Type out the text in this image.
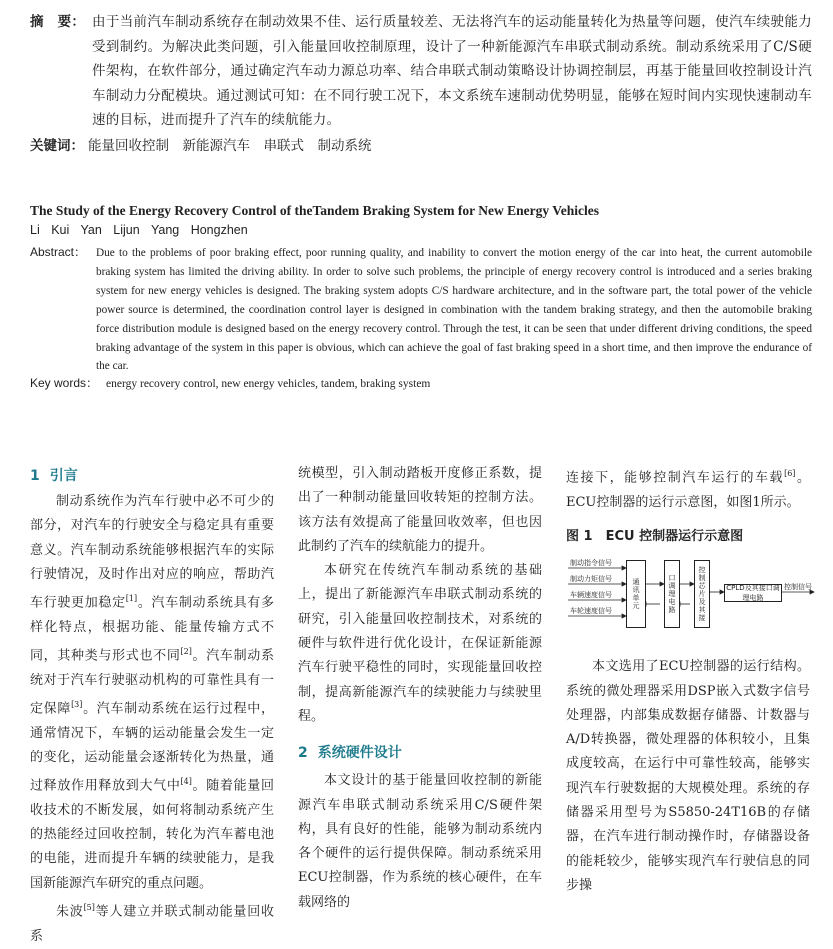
摘　要： 由于当前汽车制动系统存在制动效果不佳、运行质量较差、无法将汽车的运动能量转化为热量等问题，使汽车续驶能力受到制约。为解决此类问题，引入能量回收控制原理，设计了一种新能源汽车串联式制动系统。制动系统采用了C/S硬件架构，在软件部分，通过确定汽车动力源总功率、结合串联式制动策略设计协调控制层，再基于能量回收控制设计汽车制动力分配模块。通过测试可知：在不同行驶工况下，本文系统车速制动优势明显，能够在短时间内实现快速制动车速的目标，进而提升了汽车的续航能力。
关键词： 能量回收控制　新能源汽车　串联式　制动系统
The Study of the Energy Recovery Control of theTandem Braking System for New Energy Vehicles
Li Kui Yan Lijun Yang Hongzhen
Abstract： Due to the problems of poor braking effect, poor running quality, and inability to convert the motion energy of the car into heat, the current automobile braking system has limited the driving ability. In order to solve such problems, the principle of energy recovery control is introduced and a series braking system for new energy vehicles is designed. The braking system adopts C/S hardware architecture, and in the software part, the total power of the vehicle power source is determined, the coordination control layer is designed in combination with the tandem braking strategy, and then the automobile braking force distribution module is designed based on the energy recovery control. Through the test, it can be seen that under different driving conditions, the speed braking advantage of the system in this paper is obvious, which can achieve the goal of fast braking speed in a short time, and then improve the endurance of the car.
Key words： energy recovery control, new energy vehicles, tandem, braking system
1 引言

制动系统作为汽车行驶中必不可少的部分，对汽车的行驶安全与稳定具有重要意义。汽车制动系统能够根据汽车的实际行驶情况，及时作出对应的响应，帮助汽车行驶更加稳定[1]。汽车制动系统具有多样化特点，根据功能、能量传输方式不同，其种类与形式也不同[2]。汽车制动系统对于汽车行驶驱动机构的可靠性具有一定保障[3]。汽车制动系统在运行过程中，通常情况下，车辆的运动能量会发生一定的变化，运动能量会逐渐转化为热量，通过释放作用释放到大气中[4]。随着能量回收技术的不断发展，如何将制动系统产生的热能经过回收控制，转化为汽车蓄电池的电能，进而提升车辆的续驶能力，是我国新能源汽车研究的重点问题。

朱波[5]等人建立并联式制动能量回收系

统模型，引入制动踏板开度修正系数，提出了一种制动能量回收转矩的控制方法。该方法有效提高了能量回收效率，但也因此制约了汽车的续航能力的提升。

本研究在传统汽车制动系统的基础上，提出了新能源汽车串联式制动系统的研究，引入能量回收控制技术，对系统的硬件与软件进行优化设计，在保证新能源汽车行驶平稳性的同时，实现能量回收控制，提高新能源汽车的续驶能力与续驶里程。

2 系统硬件设计

本文设计的基于能量回收控制的新能源汽车串联式制动系统采用C/S硬件架构，具有良好的性能，能够为制动系统内各个硬件的运行提供保障。制动系统采用ECU控制器，作为系统的核心硬件，在车载网络的

连接下，能够控制汽车运行的车载[6]。ECU控制器的运行示意图，如图1所示。

图 1　ECU 控制器运行示意图

本文选用了ECU控制器的运行结构。系统的微处理器采用DSP嵌入式数字信号处理器，内部集成数据存储器、计数器与A/D转换器，微处理器的体积较小，且集成度较高，在运行中可靠性较高，能够实现汽车行驶数据的大规模处理。系统的存储器采用型号为S5850-24T16B的存储器，在汽车进行制动操作时，存储器设备的能耗较少，能够实现汽车行驶信息的同步操

制动指令信号
制动力矩信号
车辆速度信号
车轮速度信号
通讯单元	口调理电路	控制芯片及其接	CPLD及其接口调理电路
控制信号
